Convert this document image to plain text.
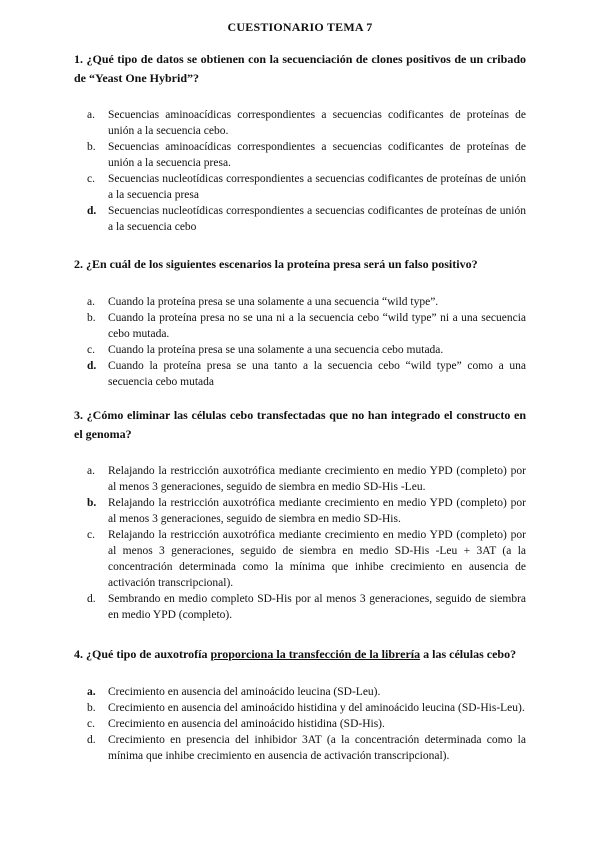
CUESTIONARIO TEMA 7
1. ¿Qué tipo de datos se obtienen con la secuenciación de clones positivos de un cribado de “Yeast One Hybrid”?
a.	Secuencias aminoacídicas correspondientes a secuencias codificantes de proteínas de unión a la secuencia cebo.
b.	Secuencias aminoacídicas correspondientes a secuencias codificantes de proteínas de unión a la secuencia presa.
c.	Secuencias nucleotídicas correspondientes a secuencias codificantes de proteínas de unión a la secuencia presa
d.	Secuencias nucleotídicas correspondientes a secuencias codificantes de proteínas de unión a la secuencia cebo
2. ¿En cuál de los siguientes escenarios la proteína presa será un falso positivo?
a.	Cuando la proteína presa se una solamente a una secuencia “wild type”.
b.	Cuando la proteína presa no se una ni a la secuencia cebo “wild type” ni a una secuencia cebo mutada.
c.	Cuando la proteína presa se una solamente a una secuencia cebo mutada.
d.	Cuando la proteína presa se una tanto a la secuencia cebo “wild type” como a una secuencia cebo mutada
3. ¿Cómo eliminar las células cebo transfectadas que no han integrado el constructo en el genoma?
a.	Relajando la restricción auxotrófica mediante crecimiento en medio YPD (completo) por al menos 3 generaciones, seguido de siembra en medio SD-His -Leu.
b.	Relajando la restricción auxotrófica mediante crecimiento en medio YPD (completo) por al menos 3 generaciones, seguido de siembra en medio SD-His.
c.	Relajando la restricción auxotrófica mediante crecimiento en medio YPD (completo) por al menos 3 generaciones, seguido de siembra en medio SD-His -Leu + 3AT (a la concentración determinada como la mínima que inhibe crecimiento en ausencia de activación transcripcional).
d.	Sembrando en medio completo SD-His por al menos 3 generaciones, seguido de siembra en medio YPD (completo).
4. ¿Qué tipo de auxotrofía proporciona la transfección de la librería a las células cebo?
a.	Crecimiento en ausencia del aminoácido leucina (SD-Leu).
b.	Crecimiento en ausencia del aminoácido histidina y del aminoácido leucina (SD-His-Leu).
c.	Crecimiento en ausencia del aminoácido histidina (SD-His).
d.	Crecimiento en presencia del inhibidor 3AT (a la concentración determinada como la mínima que inhibe crecimiento en ausencia de activación transcripcional).
